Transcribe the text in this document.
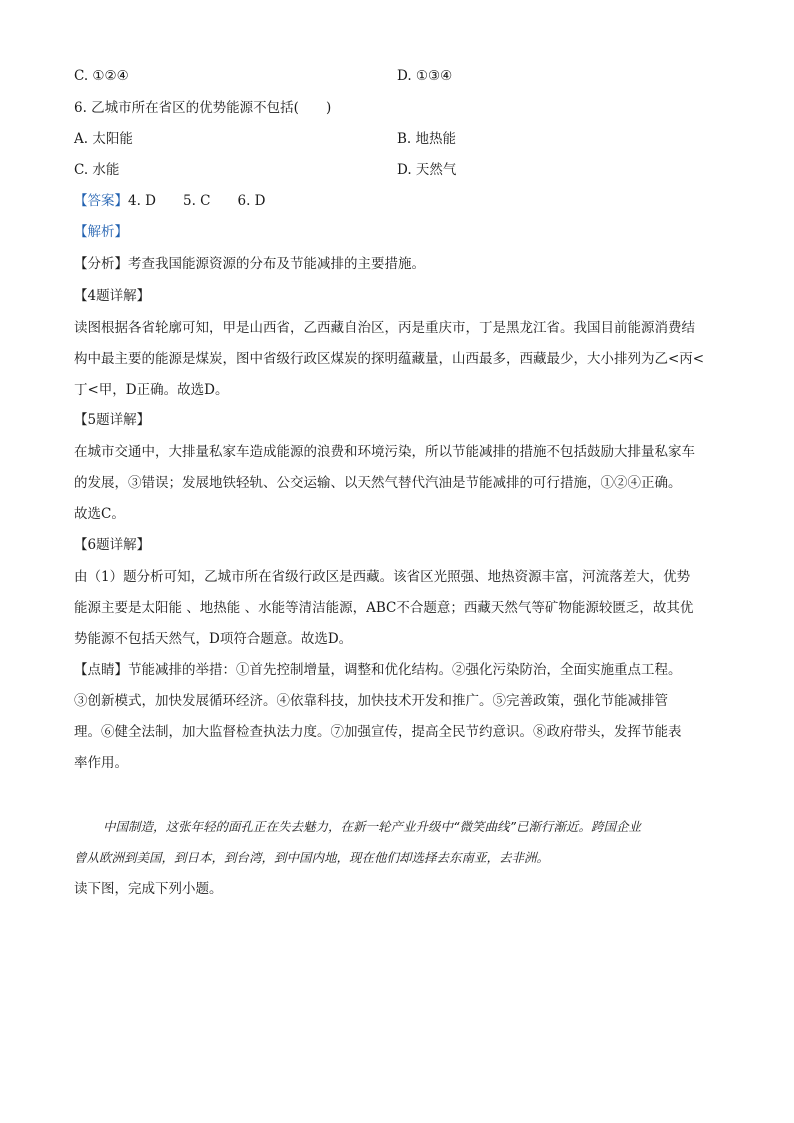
C. ①②④	D. ①③④
6. 乙城市所在省区的优势能源不包括(　　)
A. 太阳能	B. 地热能
C. 水能	D. 天然气
【答案】4. D　　5. C　　6. D
【解析】
【分析】考查我国能源资源的分布及节能减排的主要措施。
【4题详解】
读图根据各省轮廓可知，甲是山西省，乙西藏自治区，丙是重庆市，丁是黑龙江省。我国目前能源消费结
构中最主要的能源是煤炭，图中省级行政区煤炭的探明蕴藏量，山西最多，西藏最少，大小排列为乙<丙<
丁<甲，D正确。故选D。
【5题详解】
在城市交通中，大排量私家车造成能源的浪费和环境污染，所以节能减排的措施不包括鼓励大排量私家车
的发展，③错误；发展地铁轻轨、公交运输、以天然气替代汽油是节能减排的可行措施，①②④正确。
故选C。
【6题详解】
由（1）题分析可知，乙城市所在省级行政区是西藏。该省区光照强、地热资源丰富，河流落差大，优势
能源主要是太阳能 、地热能 、水能等清洁能源，ABC不合题意；西藏天然气等矿物能源较匮乏，故其优
势能源不包括天然气，D项符合题意。故选D。
【点睛】节能减排的举措：①首先控制增量，调整和优化结构。②强化污染防治，全面实施重点工程。
③创新模式，加快发展循环经济。④依靠科技，加快技术开发和推广。⑤完善政策，强化节能减排管
理。⑥健全法制，加大监督检查执法力度。⑦加强宣传，提高全民节约意识。⑧政府带头，发挥节能表
率作用。
中国制造，这张年轻的面孔正在失去魅力，在新一轮产业升级中“微笑曲线”已渐行渐近。跨国企业
曾从欧洲到美国，到日本，到台湾，到中国内地，现在他们却选择去东南亚，去非洲。
读下图，完成下列小题。
